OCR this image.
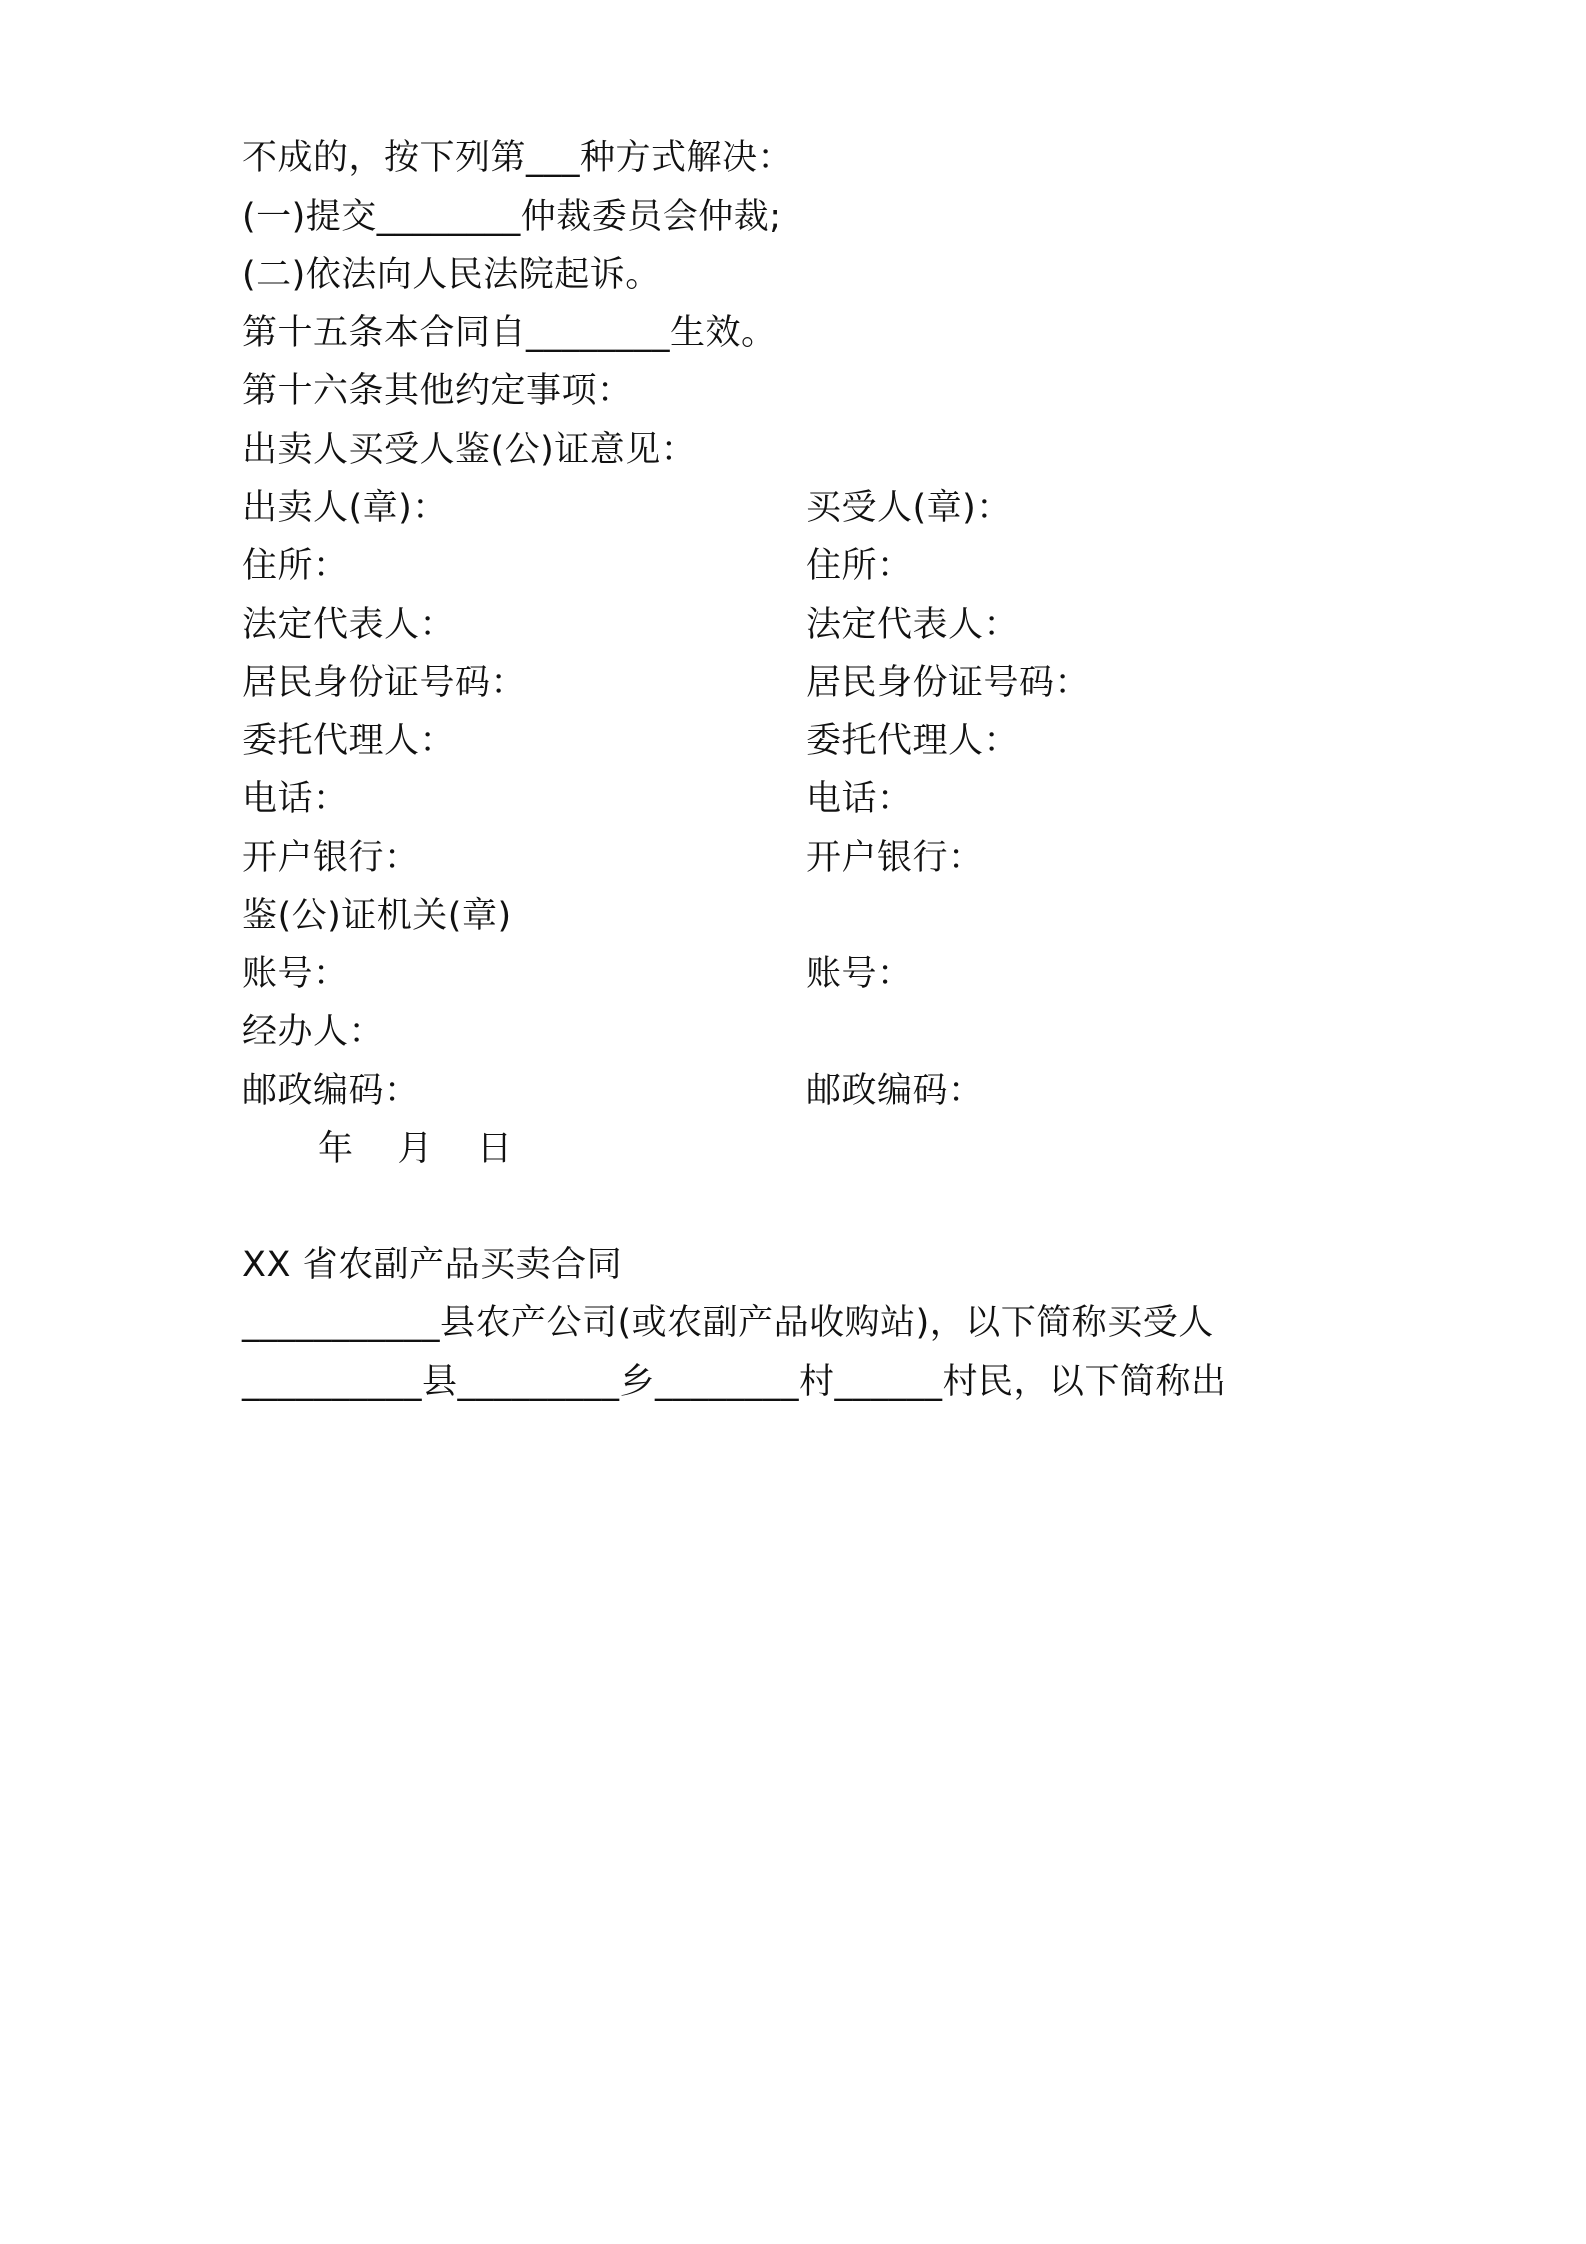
不成的，按下列第___种方式解决：
(一)提交________仲裁委员会仲裁;
(二)依法向人民法院起诉。
第十五条本合同自________生效。
第十六条其他约定事项：
出卖人买受人鉴(公)证意见：
出卖人(章)：	买受人(章)：
住所：	住所：
法定代表人：	法定代表人：
居民身份证号码：	居民身份证号码：
委托代理人：	委托代理人：
电话：	电话：
开户银行：	开户银行：
鉴(公)证机关(章)
账号：	账号：
经办人：
邮政编码：	邮政编码：
年 月 日
XX 省农副产品买卖合同
___________县农产公司(或农副产品收购站)，以下简称买受人
__________县_________乡________村______村民，以下简称出
